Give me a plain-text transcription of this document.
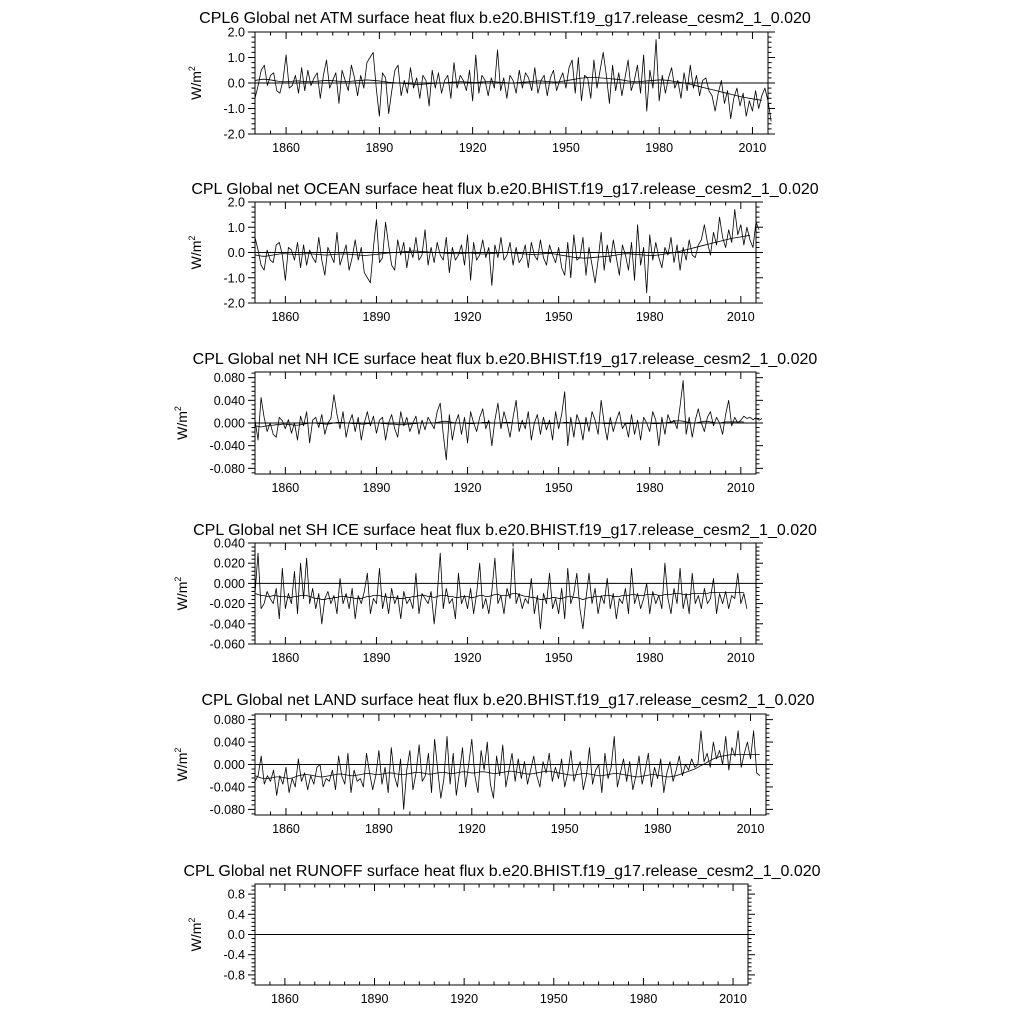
CPL6 Global net ATM surface heat flux b.e20.BHIST.f19_g17.release_cesm2_1_0.020
1860	1890	1920	1950	1980	2010
2.0
1.0
0.0
-1.0
-2.0
$W/m^2$
CPL Global net OCEAN surface heat flux b.e20.BHIST.f19_g17.release_cesm2_1_0.020
1860	1890	1920	1950	1980	2010
2.0
1.0
0.0
-1.0
-2.0
$W/m^2$
CPL Global net NH ICE surface heat flux b.e20.BHIST.f19_g17.release_cesm2_1_0.020
1860	1890	1920	1950	1980	2010
0.080
0.040
0.000
-0.040
-0.080
$W/m^2$
CPL Global net SH ICE surface heat flux b.e20.BHIST.f19_g17.release_cesm2_1_0.020
1860	1890	1920	1950	1980	2010
0.040
0.020
0.000
-0.020
-0.040
-0.060
$W/m^2$
CPL Global net LAND surface heat flux b.e20.BHIST.f19_g17.release_cesm2_1_0.020
1860	1890	1920	1950	1980	2010
0.080
0.040
0.000
-0.040
-0.080
$W/m^2$
CPL Global net RUNOFF surface heat flux b.e20.BHIST.f19_g17.release_cesm2_1_0.020
1860	1890	1920	1950	1980	2010
0.8
0.4
0.0
-0.4
-0.8
$W/m^2$
